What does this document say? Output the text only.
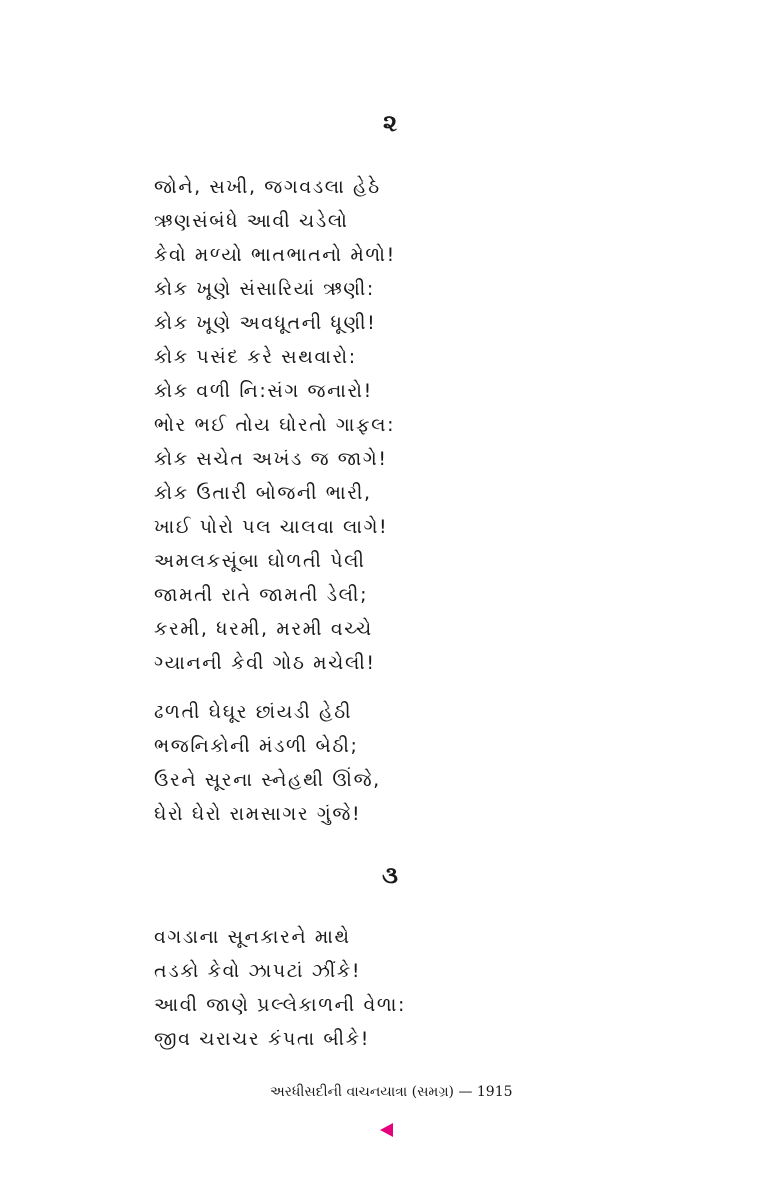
૨
જોને, સખી, જગવડલા હેઠે
ઋણસંબંધે આવી ચડેલો
કેવો મળ્યો ભાતભાતનો મેળો!
કોક ખૂણે સંસારિયાં ઋણી:
કોક ખૂણે અવધૂતની ધૂણી!
કોક પસંદ કરે સથવારો:
કોક વળી નિ:સંગ જનારો!
ભોર ભઈ તોય ઘોરતો ગાફલ:
કોક સચેત અખંડ જ જાગે!
કોક ઉતારી બોજની ભારી,
ખાઈ પોરો પલ ચાલવા લાગે!
અમલકસૂંબા ઘોળતી પેલી
જામતી રાતે જામતી ડેલી;
કરમી, ધરમી, મરમી વચ્ચે
ગ્યાનની કેવી ગોઠ મચેલી!
ઢળતી ઘેઘૂર છાંયડી હેઠી
ભજનિકોની મંડળી બેઠી;
ઉરને સૂરના સ્નેહથી ઊંજે,
ઘેરો ઘેરો રામસાગર ગુંજે!
૩
વગડાના સૂનકારને માથે
તડકો કેવો ઝાપટાં ઝીંકે!
આવી જાણે પ્રલ્લેકાળની વેળા:
જીવ ચરાચર કંપતા બીકે!
અરધીસદીની વાચનયાત્રા (સમગ્ર) — 1915
